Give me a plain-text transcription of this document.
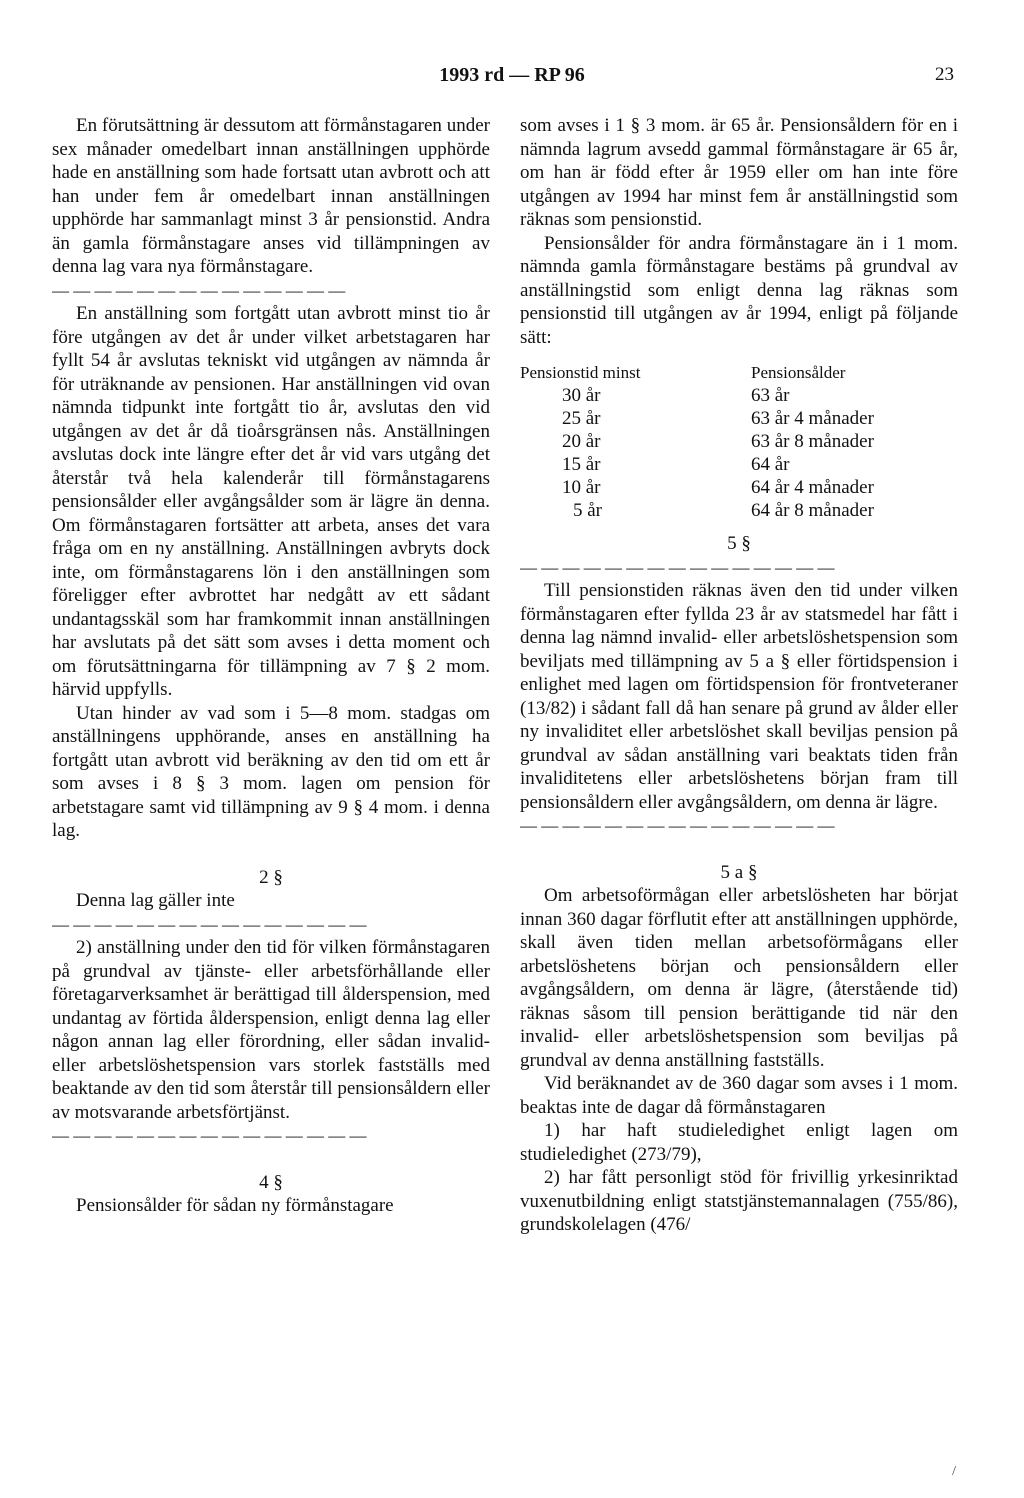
1993 rd — RP 96	23

En förutsättning är dessutom att förmånstagaren under sex månader omedelbart innan anställningen upphörde hade en anställning som hade fortsatt utan avbrott och att han under fem år omedelbart innan anställningen upphörde har sammanlagt minst 3 år pensionstid. Andra än gamla förmånstagare anses vid tillämpningen av denna lag vara nya förmånstagare.

— — — — — — — — — — — — — —

En anställning som fortgått utan avbrott minst tio år före utgången av det år under vilket arbetstagaren har fyllt 54 år avslutas tekniskt vid utgången av nämnda år för uträknande av pensionen. Har anställningen vid ovan nämnda tidpunkt inte fortgått tio år, avslutas den vid utgången av det år då tioårsgränsen nås. Anställningen avslutas dock inte längre efter det år vid vars utgång det återstår två hela kalenderår till förmånstagarens pensionsålder eller avgångsålder som är lägre än denna. Om förmånstagaren fortsätter att arbeta, anses det vara fråga om en ny anställning. Anställningen avbryts dock inte, om förmånstagarens lön i den anställningen som föreligger efter avbrottet har nedgått av ett sådant undantagsskäl som har framkommit innan anställningen har avslutats på det sätt som avses i detta moment och om förutsättningarna för tillämpning av 7 § 2 mom. härvid uppfylls.

Utan hinder av vad som i 5—8 mom. stadgas om anställningens upphörande, anses en anställning ha fortgått utan avbrott vid beräkning av den tid om ett år som avses i 8 § 3 mom. lagen om pension för arbetstagare samt vid tillämpning av 9 § 4 mom. i denna lag.

2 §

Denna lag gäller inte

— — — — — — — — — — — — — — —

2) anställning under den tid för vilken förmånstagaren på grundval av tjänste- eller arbetsförhållande eller företagarverksamhet är berättigad till ålderspension, med undantag av förtida ålderspension, enligt denna lag eller någon annan lag eller förordning, eller sådan invalid- eller arbetslöshetspension vars storlek fastställs med beaktande av den tid som återstår till pensionsåldern eller av motsvarande arbetsförtjänst.

— — — — — — — — — — — — — — —

4 §

Pensionsålder för sådan ny förmånstagare

som avses i 1 § 3 mom. är 65 år. Pensionsåldern för en i nämnda lagrum avsedd gammal förmånstagare är 65 år, om han är född efter år 1959 eller om han inte före utgången av 1994 har minst fem år anställningstid som räknas som pensionstid.

Pensionsålder för andra förmånstagare än i 1 mom. nämnda gamla förmånstagare bestäms på grundval av anställningstid som enligt denna lag räknas som pensionstid till utgången av år 1994, enligt på följande sätt:

Pensionstid minst	Pensionsålder
30 år	63 år
25 år	63 år 4 månader
20 år	63 år 8 månader
15 år	64 år
10 år	64 år 4 månader
5 år	64 år 8 månader

5 §

— — — — — — — — — — — — — — —

Till pensionstiden räknas även den tid under vilken förmånstagaren efter fyllda 23 år av statsmedel har fått i denna lag nämnd invalid- eller arbetslöshetspension som beviljats med tillämpning av 5 a § eller förtidspension i enlighet med lagen om förtidspension för frontveteraner (13/82) i sådant fall då han senare på grund av ålder eller ny invaliditet eller arbetslöshet skall beviljas pension på grundval av sådan anställning vari beaktats tiden från invaliditetens eller arbetslöshetens början fram till pensionsåldern eller avgångsåldern, om denna är lägre.

— — — — — — — — — — — — — — —

5 a §

Om arbetsoförmågan eller arbetslösheten har börjat innan 360 dagar förflutit efter att anställningen upphörde, skall även tiden mellan arbetsoförmågans eller arbetslöshetens början och pensionsåldern eller avgångsåldern, om denna är lägre, (återstående tid) räknas såsom till pension berättigande tid när den invalid- eller arbetslöshetspension som beviljas på grundval av denna anställning fastställs.

Vid beräknandet av de 360 dagar som avses i 1 mom. beaktas inte de dagar då förmånstagaren

1) har haft studieledighet enligt lagen om studieledighet (273/79),

2) har fått personligt stöd för frivillig yrkesinriktad vuxenutbildning enligt statstjänstemannalagen (755/86), grundskolelagen (476/

/
